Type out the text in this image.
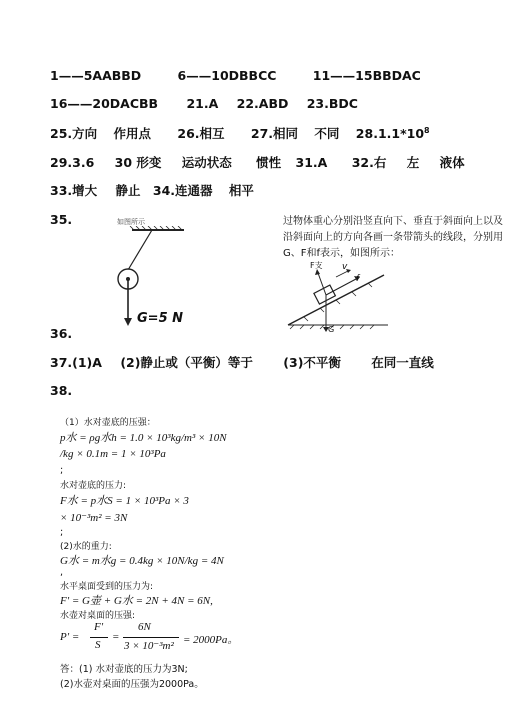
1——5AABBD	6——10DBBCC	11——15BBDAC
16——20DACBB 21.A 22.ABD 23.BDC
25.方向 作用点 26.相互 27.相同 不同 $28.1.1*10^8$
29.3.6 30 形变 运动状态 惯性 31.A 32.右 左 液体
33.增大 静止 34.连通器 相平
35.	如图所示
G=5 N
过物体重心分别沿竖直向下、垂直于斜面向上以及沿斜面向上的方向各画一条带箭头的线段，分别用G、F和f表示，如图所示：
F支 v
f
G
36.
37.(1)A (2)静止或（平衡）等于 (3)不平衡 在同一直线
38.
（1）水对壶底的压强：
p水 = ρg水h = 1.0 × 10³kg/m³ × 10N
/kg × 0.1m = 1 × 10³Pa
;
水对壶底的压力:
F水 = p水S = 1 × 10³Pa × 3
× 10⁻³m² = 3N
;
(2)水的重力:
G水 = m水g = 0.4kg × 10N/kg = 4N
,
水平桌面受到的压力为:
F′ = G壶 + G水 = 2N + 4N = 6N,
水壶对桌面的压强:
P′ =
F′
S
=
6N
3 × 10⁻³m² = 2000Pa。
答：(1) 水对壶底的压力为3N;
(2)水壶对桌面的压强为2000Pa。
